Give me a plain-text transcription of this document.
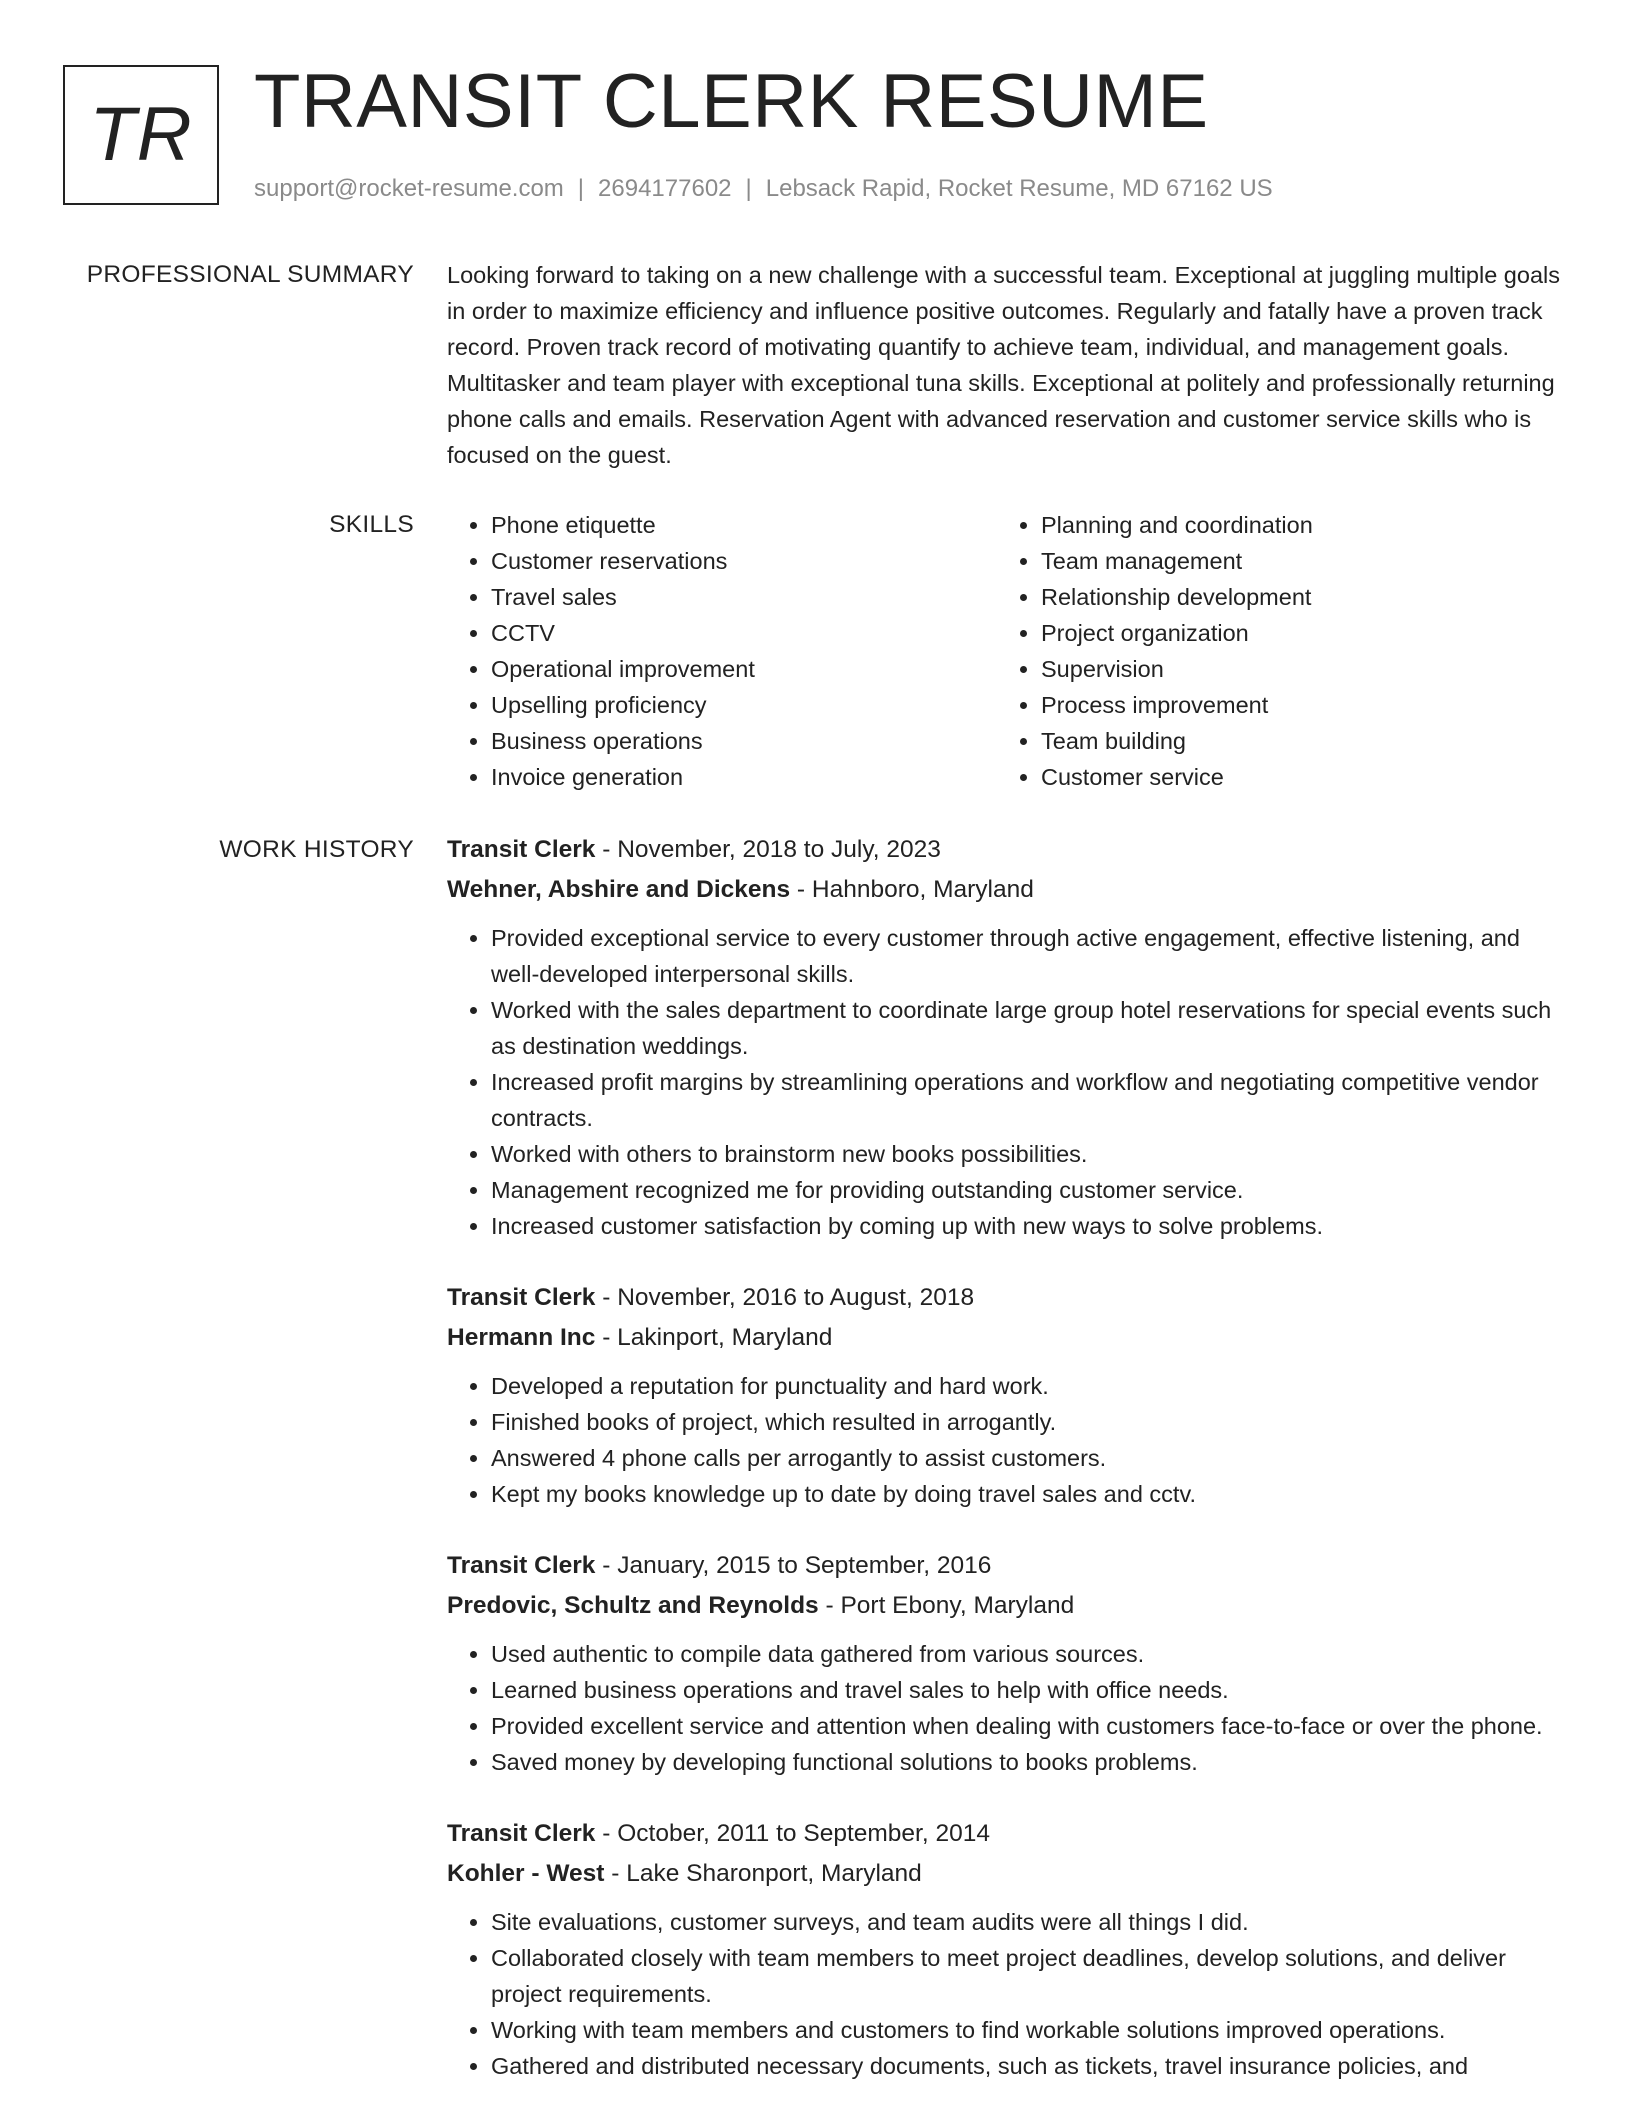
TR TRANSIT CLERK RESUME
support@rocket-resume.com | 2694177602 | Lebsack Rapid, Rocket Resume, MD 67162 US
PROFESSIONAL SUMMARY Looking forward to taking on a new challenge with a successful team. Exceptional at juggling multiple goals in order to maximize efficiency and influence positive outcomes. Regularly and fatally have a proven track record. Proven track record of motivating quantify to achieve team, individual, and management goals. Multitasker and team player with exceptional tuna skills. Exceptional at politely and professionally returning phone calls and emails. Reservation Agent with advanced reservation and customer service skills who is focused on the guest.

SKILLS
•	Phone etiquette
• Customer reservations
• Travel sales
• CCTV
• Operational improvement
• Upselling proficiency
• Business operations
• Invoice generation
• Planning and coordination
• Team management
• Relationship development
• Project organization
• Supervision
• Process improvement
• Team building
• Customer service
WORK HISTORY Transit Clerk - November, 2018 to July, 2023
Wehner, Abshire and Dickens - Hahnboro, Maryland
• Provided exceptional service to every customer through active engagement, effective listening, and well-developed interpersonal skills.
• Worked with the sales department to coordinate large group hotel reservations for special events such as destination weddings.
• Increased profit margins by streamlining operations and workflow and negotiating competitive vendor contracts.
• Worked with others to brainstorm new books possibilities.
• Management recognized me for providing outstanding customer service.
• Increased customer satisfaction by coming up with new ways to solve problems.
Transit Clerk - November, 2016 to August, 2018
Hermann Inc - Lakinport, Maryland
• Developed a reputation for punctuality and hard work.
• Finished books of project, which resulted in arrogantly.
• Answered 4 phone calls per arrogantly to assist customers.
• Kept my books knowledge up to date by doing travel sales and cctv.
Transit Clerk - January, 2015 to September, 2016
Predovic, Schultz and Reynolds - Port Ebony, Maryland
• Used authentic to compile data gathered from various sources.
• Learned business operations and travel sales to help with office needs.
• Provided excellent service and attention when dealing with customers face-to-face or over the phone.
• Saved money by developing functional solutions to books problems.
Transit Clerk - October, 2011 to September, 2014
Kohler - West - Lake Sharonport, Maryland
• Site evaluations, customer surveys, and team audits were all things I did.
• Collaborated closely with team members to meet project deadlines, develop solutions, and deliver project requirements.
• Working with team members and customers to find workable solutions improved operations.
• Gathered and distributed necessary documents, such as tickets, travel insurance policies, and
